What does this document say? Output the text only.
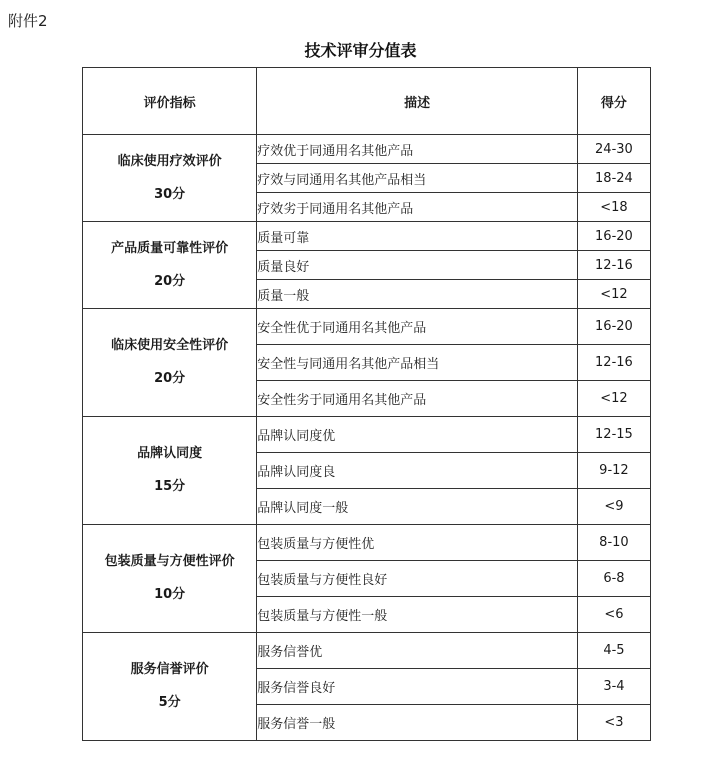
附件2
技术评审分值表
评价指标	描述	得分

临床使用疗效评价
30分	疗效优于同通用名其他产品	24-30
	疗效与同通用名其他产品相当	18-24
	疗效劣于同通用名其他产品	<18

产品质量可靠性评价
20分	质量可靠	16-20
	质量良好	12-16
	质量一般	<12

临床使用安全性评价
20分	安全性优于同通用名其他产品	16-20
	安全性与同通用名其他产品相当	12-16
	安全性劣于同通用名其他产品	<12

品牌认同度
15分	品牌认同度优	12-15
	品牌认同度良	9-12
	品牌认同度一般	<9

包装质量与方便性评价
10分	包装质量与方便性优	8-10
	包装质量与方便性良好	6-8
	包装质量与方便性一般	<6

服务信誉评价
5分	服务信誉优	4-5
	服务信誉良好	3-4
	服务信誉一般	<3
